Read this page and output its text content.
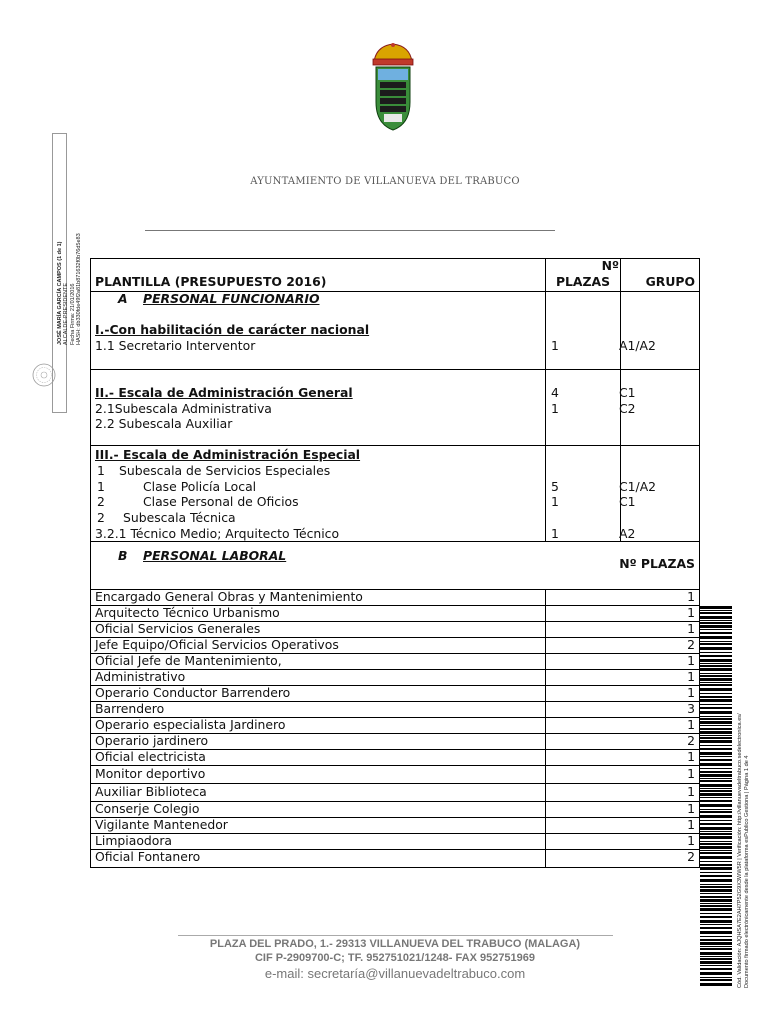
AYUNTAMIENTO DE VILLANUEVA DEL TRABUCO
JOSÉ MARÍA GARCÍA CAMPOS (1 de 1) ALCALDE-PRESIDENTE Fecha Firma: 21/01/2016 HASH: db330fde49f2a81b871632f0b76d5e83 PLANTILLA (PRESUPUESTO 2016)
Nº
PLAZAS	GRUPO
A PERSONAL FUNCIONARIO
I.-Con habilitación de carácter nacional
1.1 Secretario Interventor	1	A1/A2
II.- Escala de Administración General	4	C1
2.1Subescala Administrativa	1	C2
2.2 Subescala Auxiliar
III.- Escala de Administración Especial
1 Subescala de Servicios Especiales
1	Clase Policía Local	5	C1/A2
2	Clase Personal de Oficios	1	C1
2 Subescala Técnica
3.2.1 Técnico Medio; Arquitecto Técnico	1	A2
B PERSONAL LABORAL
Nº PLAZAS
Encargado General Obras y Mantenimiento	1
Arquitecto Técnico Urbanismo	1
Oficial Servicios Generales	1
Jefe Equipo/Oficial Servicios Operativos	2
Oficial Jefe de Mantenimiento,	1
Administrativo	1
Operario Conductor Barrendero	1
Barrendero	3
Operario especialista Jardinero	1
Operario jardinero	2
Oficial electricista	1
Monitor deportivo	1
Auxiliar Biblioteca	1
Conserje Colegio	1
Vigilante Mantenedor	1
Limpiaodora	1
Oficial Fontanero	2	Cód. Validación: AJQHSA7E2AH7P52G9X3WW5R | Verificación: http://villanuevadeltrabuco.sedelectronica.es/ Documento firmado electrónicamente desde la plataforma esPublico Gestiona | Página 1 de 4
PLAZA DEL PRADO, 1.- 29313 VILLANUEVA DEL TRABUCO (MALAGA)
CIF P-2909700-C; TF. 952751021/1248- FAX 952751969
e-mail: secretaría@villanuevadeltrabuco.com
